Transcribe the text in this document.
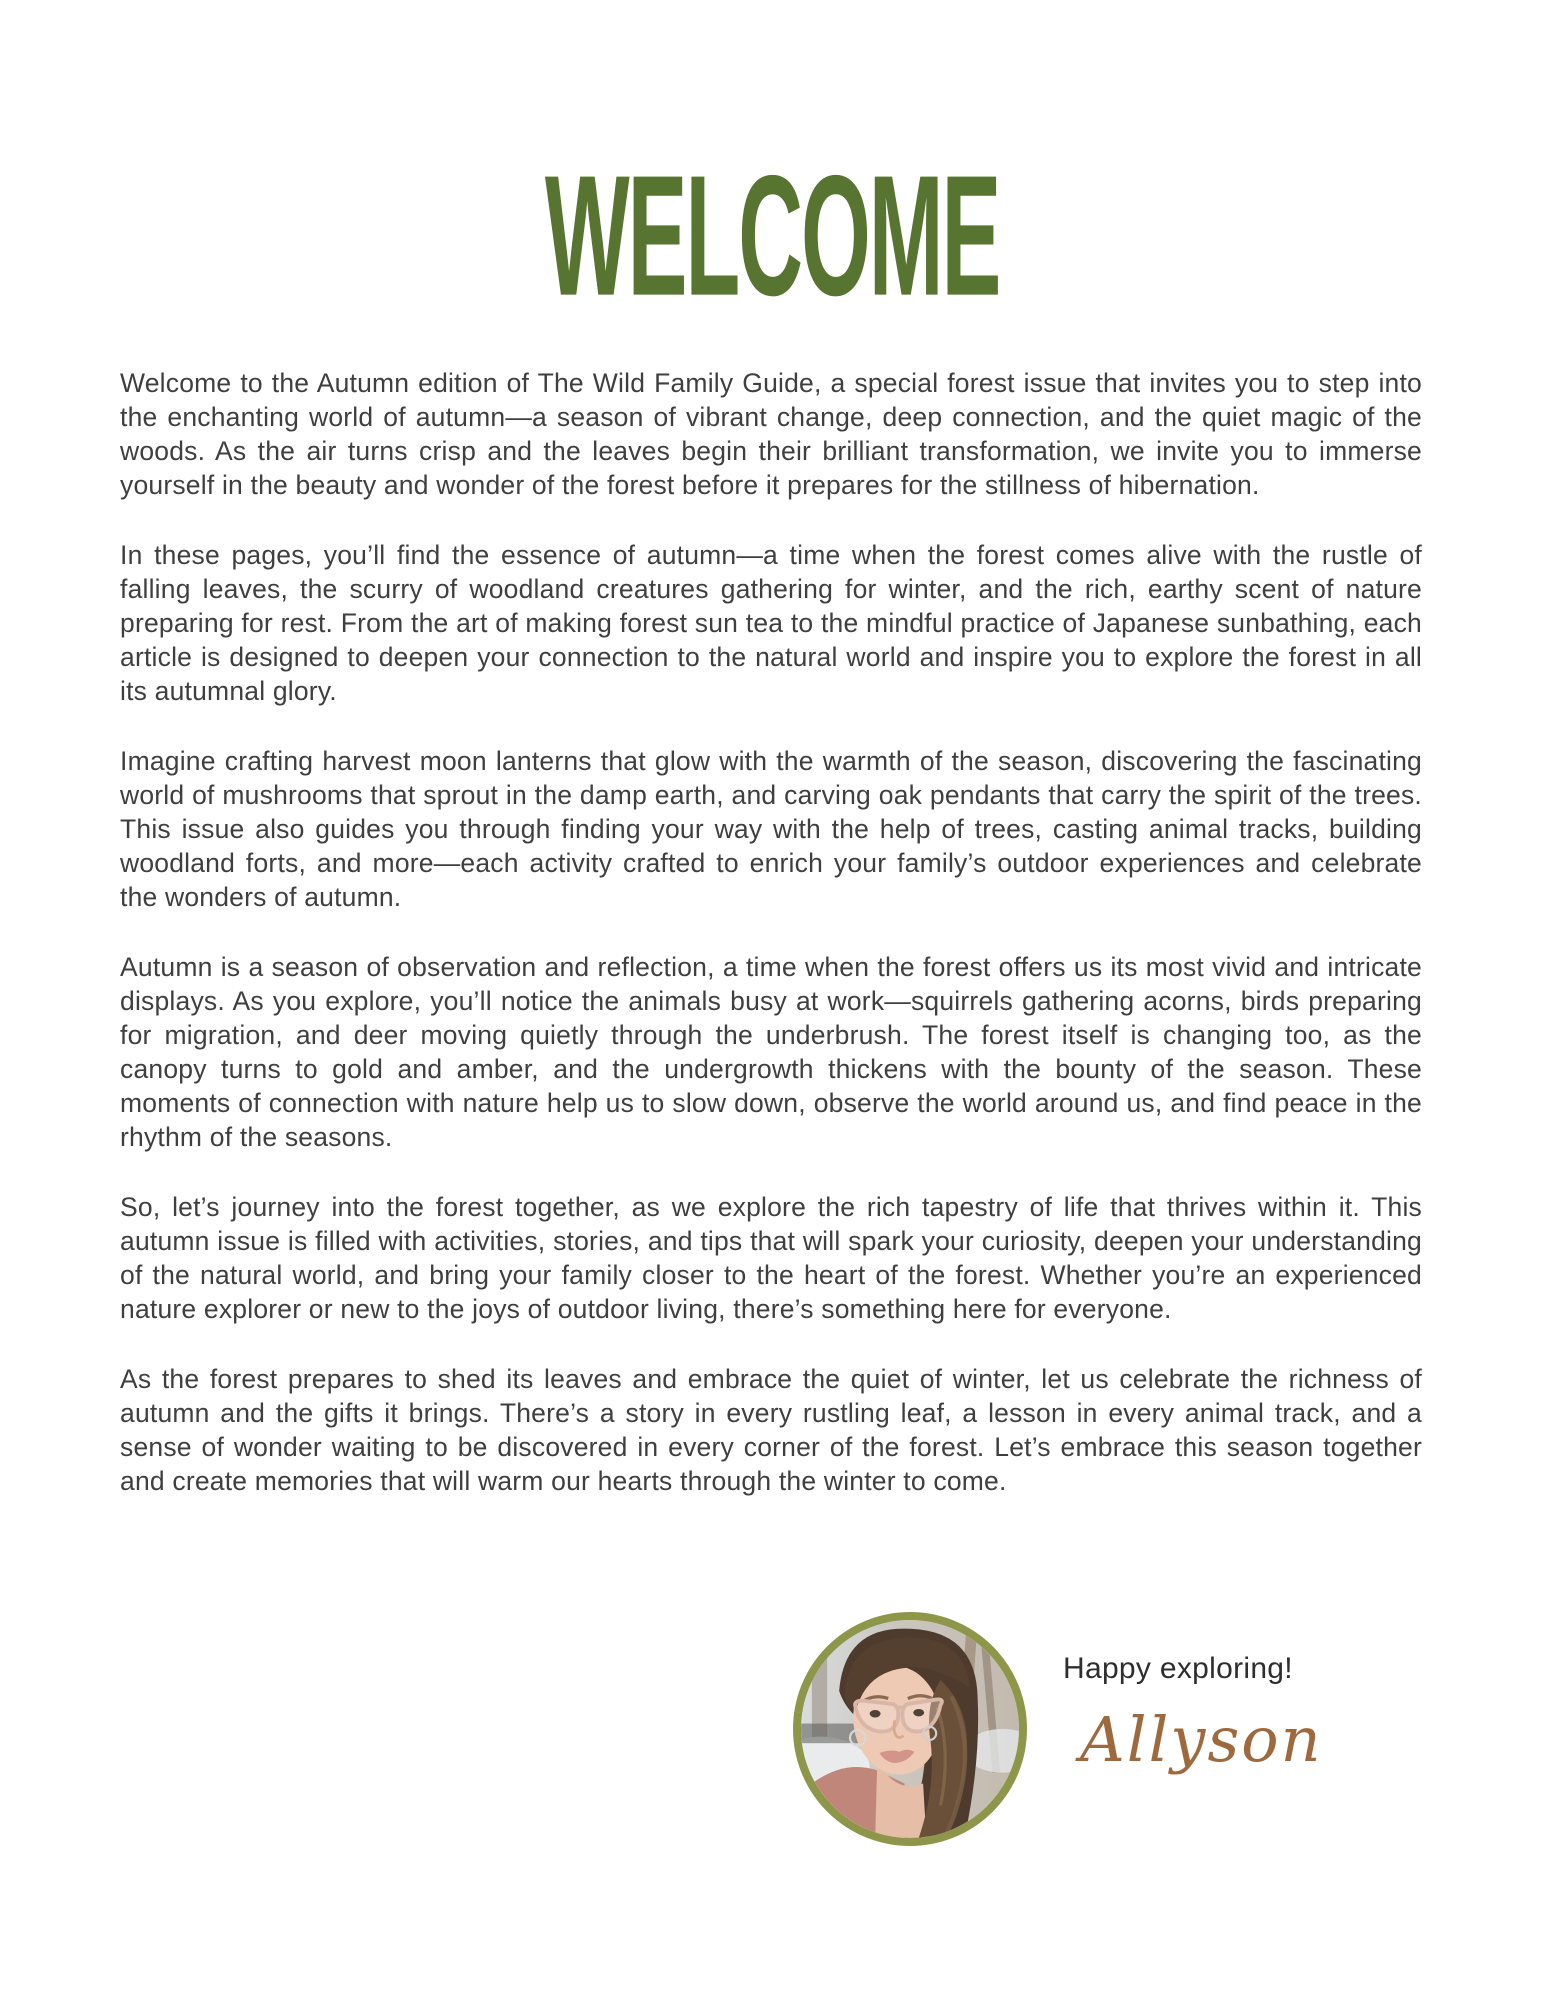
WELCOME

Welcome to the Autumn edition of The Wild Family Guide, a special forest issue that invites you to step into the enchanting world of autumn—a season of vibrant change, deep connection, and the quiet magic of the woods. As the air turns crisp and the leaves begin their brilliant transformation, we invite you to immerse yourself in the beauty and wonder of the forest before it prepares for the stillness of hibernation.

In these pages, you’ll find the essence of autumn—a time when the forest comes alive with the rustle of falling leaves, the scurry of woodland creatures gathering for winter, and the rich, earthy scent of nature preparing for rest. From the art of making forest sun tea to the mindful practice of Japanese sunbathing, each article is designed to deepen your connection to the natural world and inspire you to explore the forest in all its autumnal glory.

Imagine crafting harvest moon lanterns that glow with the warmth of the season, discovering the fascinating world of mushrooms that sprout in the damp earth, and carving oak pendants that carry the spirit of the trees. This issue also guides you through finding your way with the help of trees, casting animal tracks, building woodland forts, and more—each activity crafted to enrich your family’s outdoor experiences and celebrate the wonders of autumn.

Autumn is a season of observation and reflection, a time when the forest offers us its most vivid and intricate displays. As you explore, you’ll notice the animals busy at work—squirrels gathering acorns, birds preparing for migration, and deer moving quietly through the underbrush. The forest itself is changing too, as the canopy turns to gold and amber, and the undergrowth thickens with the bounty of the season. These moments of connection with nature help us to slow down, observe the world around us, and find peace in the rhythm of the seasons.

So, let’s journey into the forest together, as we explore the rich tapestry of life that thrives within it. This autumn issue is filled with activities, stories, and tips that will spark your curiosity, deepen your understanding of the natural world, and bring your family closer to the heart of the forest. Whether you’re an experienced nature explorer or new to the joys of outdoor living, there’s something here for everyone.

As the forest prepares to shed its leaves and embrace the quiet of winter, let us celebrate the richness of autumn and the gifts it brings. There’s a story in every rustling leaf, a lesson in every animal track, and a sense of wonder waiting to be discovered in every corner of the forest. Let’s embrace this season together and create memories that will warm our hearts through the winter to come.

Happy exploring!
Allyson
